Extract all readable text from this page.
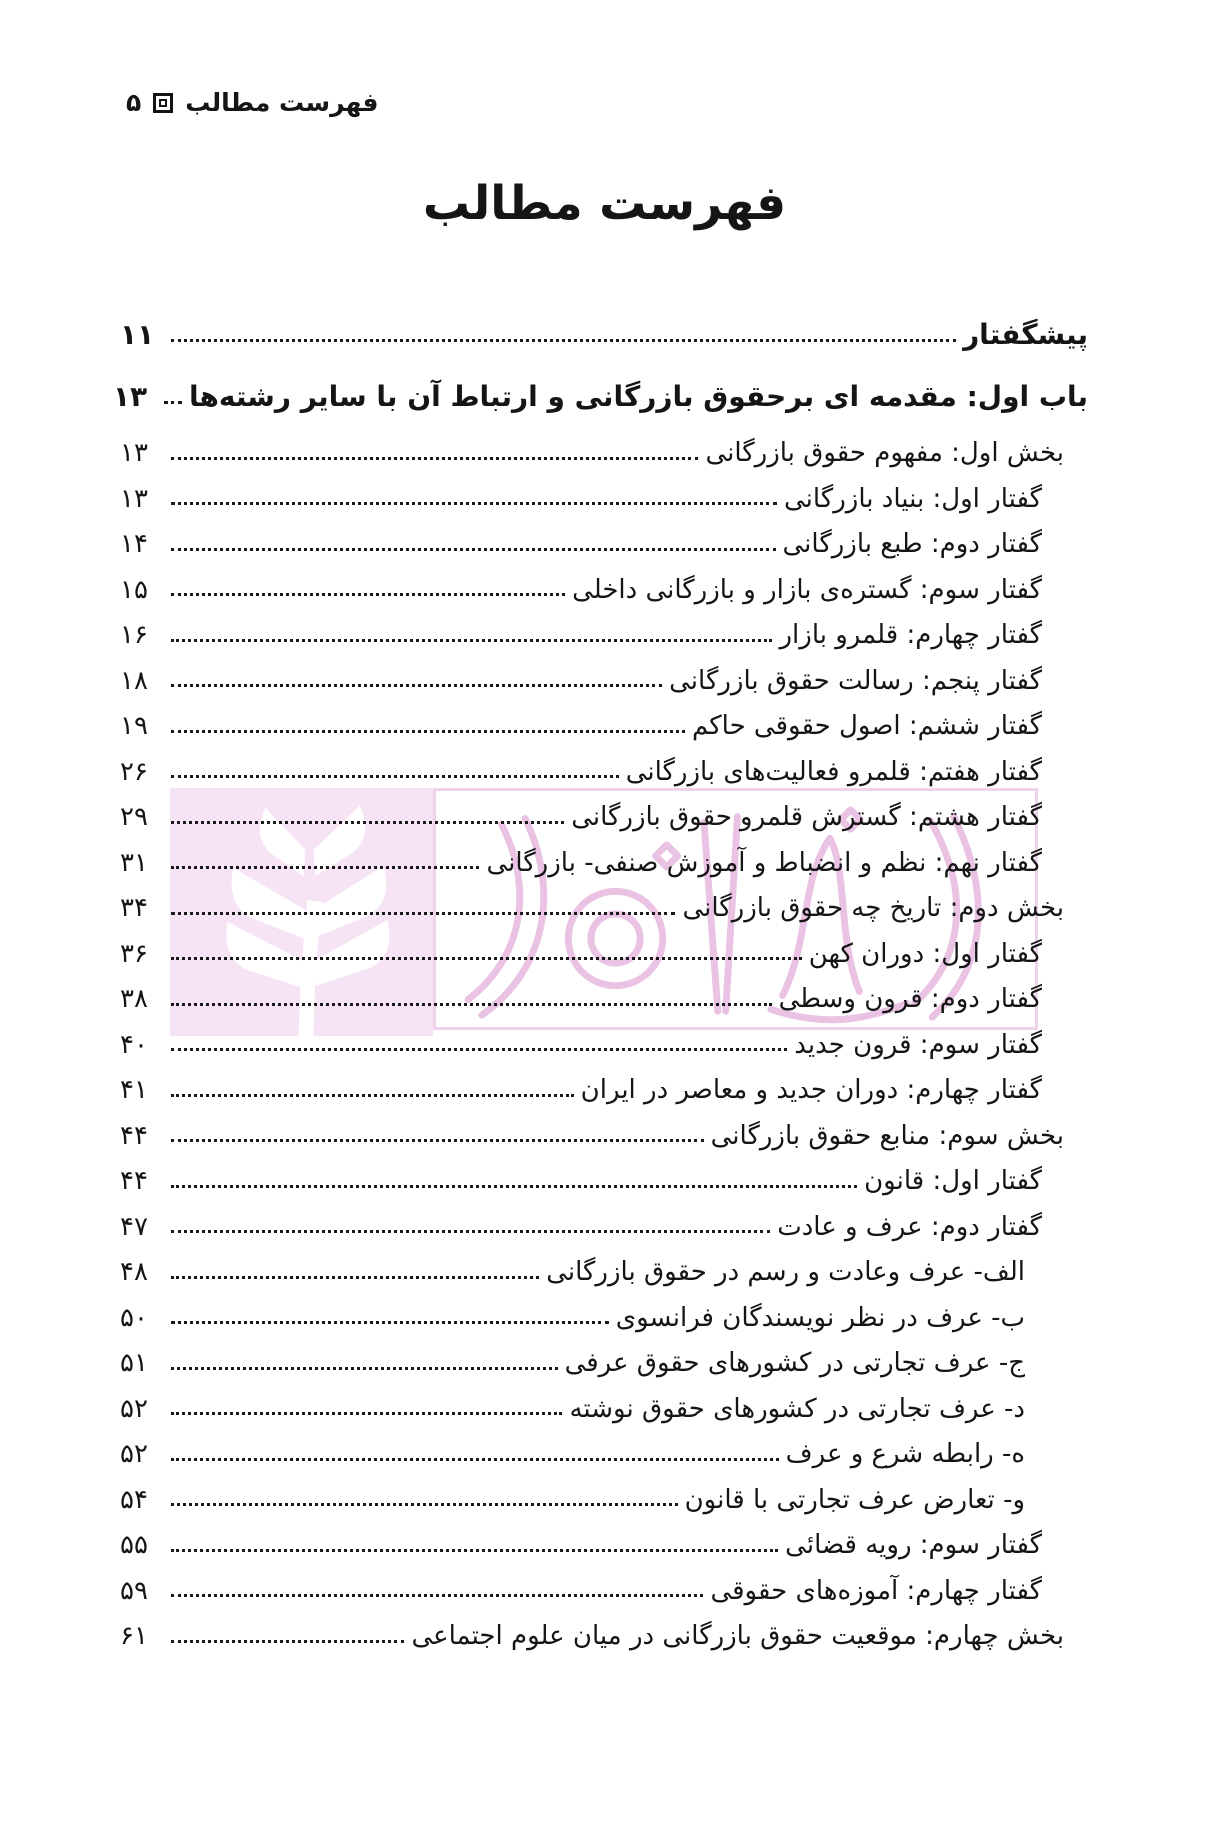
فهرست مطالب
۵
فهرست مطالب
پیشگفتار
۱۱
باب اول: مقدمه ای برحقوق بازرگانی و ارتباط آن با سایر رشته‌ها
۱۳
بخش اول: مفهوم حقوق بازرگانی
۱۳
گفتار اول: بنیاد بازرگانی
۱۳
گفتار دوم: طبع بازرگانی
۱۴
گفتار سوم: گستره‌ی بازار و بازرگانی داخلی
۱۵
گفتار چهارم: قلمرو بازار
۱۶
گفتار پنجم: رسالت حقوق بازرگانی
۱۸
گفتار ششم: اصول حقوقی حاکم
۱۹
گفتار هفتم: قلمرو فعالیت‌های بازرگانی
۲۶
گفتار هشتم: گسترش قلمرو حقوق بازرگانی
۲۹
گفتار نهم: نظم و انضباط و آموزش صنفی- بازرگانی
۳۱
بخش دوم: تاریخ چه حقوق بازرگانی
۳۴
گفتار اول: دوران کهن
۳۶
گفتار دوم: قرون وسطی
۳۸
گفتار سوم: قرون جدید
۴۰
گفتار چهارم: دوران جدید و معاصر در ایران
۴۱
بخش سوم: منابع حقوق بازرگانی
۴۴
گفتار اول: قانون
۴۴
گفتار دوم: عرف و عادت
۴۷
الف- عرف وعادت و رسم در حقوق بازرگانی
۴۸
ب- عرف در نظر نویسندگان فرانسوی
۵۰
ج- عرف تجارتی در کشورهای حقوق عرفی
۵۱
د- عرف تجارتی در کشورهای حقوق نوشته
۵۲
ه- رابطه شرع و عرف
۵۲
و- تعارض عرف تجارتی با قانون
۵۴
گفتار سوم: رویه قضائی
۵۵
گفتار چهارم: آموزه‌های حقوقی
۵۹
بخش چهارم: موقعیت حقوق بازرگانی در میان علوم اجتماعی
۶۱
